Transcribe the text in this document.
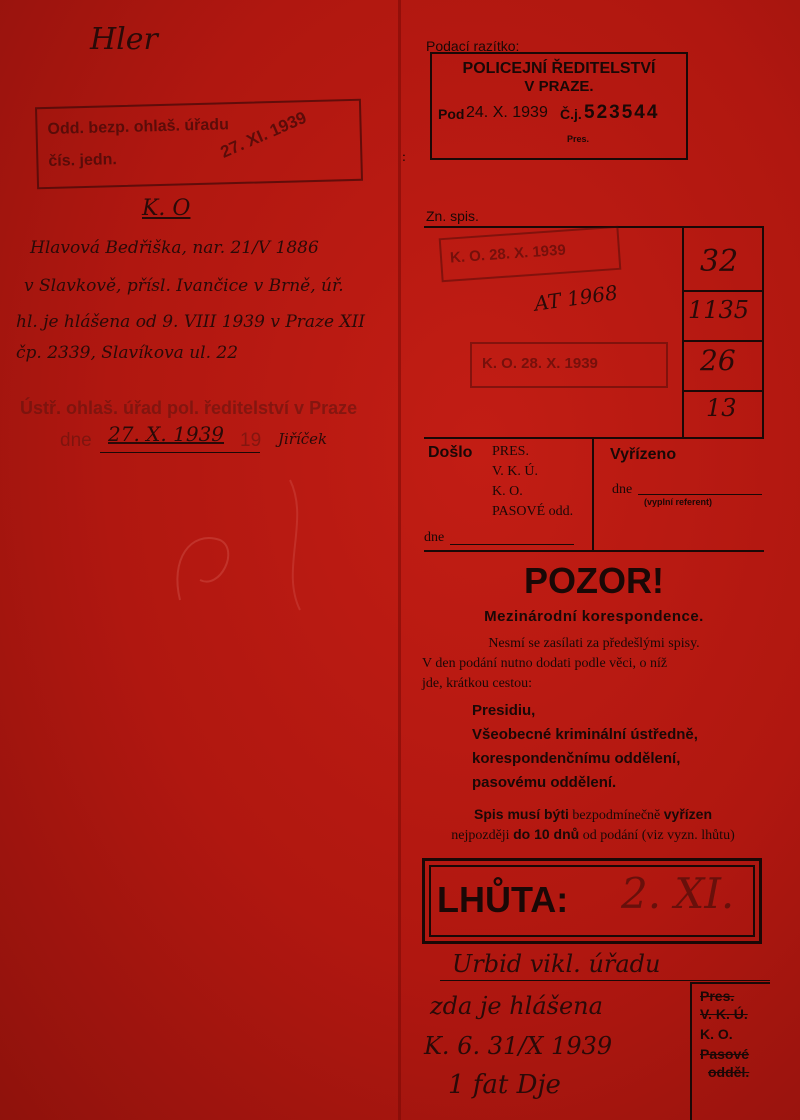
Hler
Odd. bezp. ohlaš. úřadu
čís. jedn.	27. XI. 1939
K. O
Hlavová Bedřiška, nar. 21/V 1886
v Slavkově, přísl. Ivančice v Brně, úř.
hl. je hlášena od 9. VIII 1939 v Praze XII
čp. 2339, Slavíkova ul. 22
Ústř. ohlaš. úřad pol. ředitelství v Praze
dne 27. X. 1939 19 Jiříček
Podací razítko:
POLICEJNÍ ŘEDITELSTVÍ
V PRAZE.
Pod 24. X. 1939 Č.j. 523544
Pres.
:
Zn. spis.
K. O. 28. X. 1939
AT 1968
K. O. 28. X. 1939
32
1135
26
13
Došlo PRES.
V. K. Ú.
K. O.
PASOVÉ odd.
dne
Vyřízeno
dne
(vyplní referent)
POZOR!
Mezinárodní korespondence.
Nesmí se zasílati za předešlými spisy.
V den podání nutno dodati podle věci, o níž
jde, krátkou cestou:
Presidiu,
Všeobecné kriminální ústředně,
korespondenčnímu oddělení,
pasovému oddělení.
Spis musí býti bezpodmínečně vyřízen
nejpozději do 10 dnů od podání (viz vyzn. lhůtu)
LHŮTA: 2. XI.
Urbid vikl. úřadu
zda je hlášena
K. 6. 31/X 1939
1 fat Dje
Pres.
V. K. Ú.
K. O.
Pasové
odděl.
